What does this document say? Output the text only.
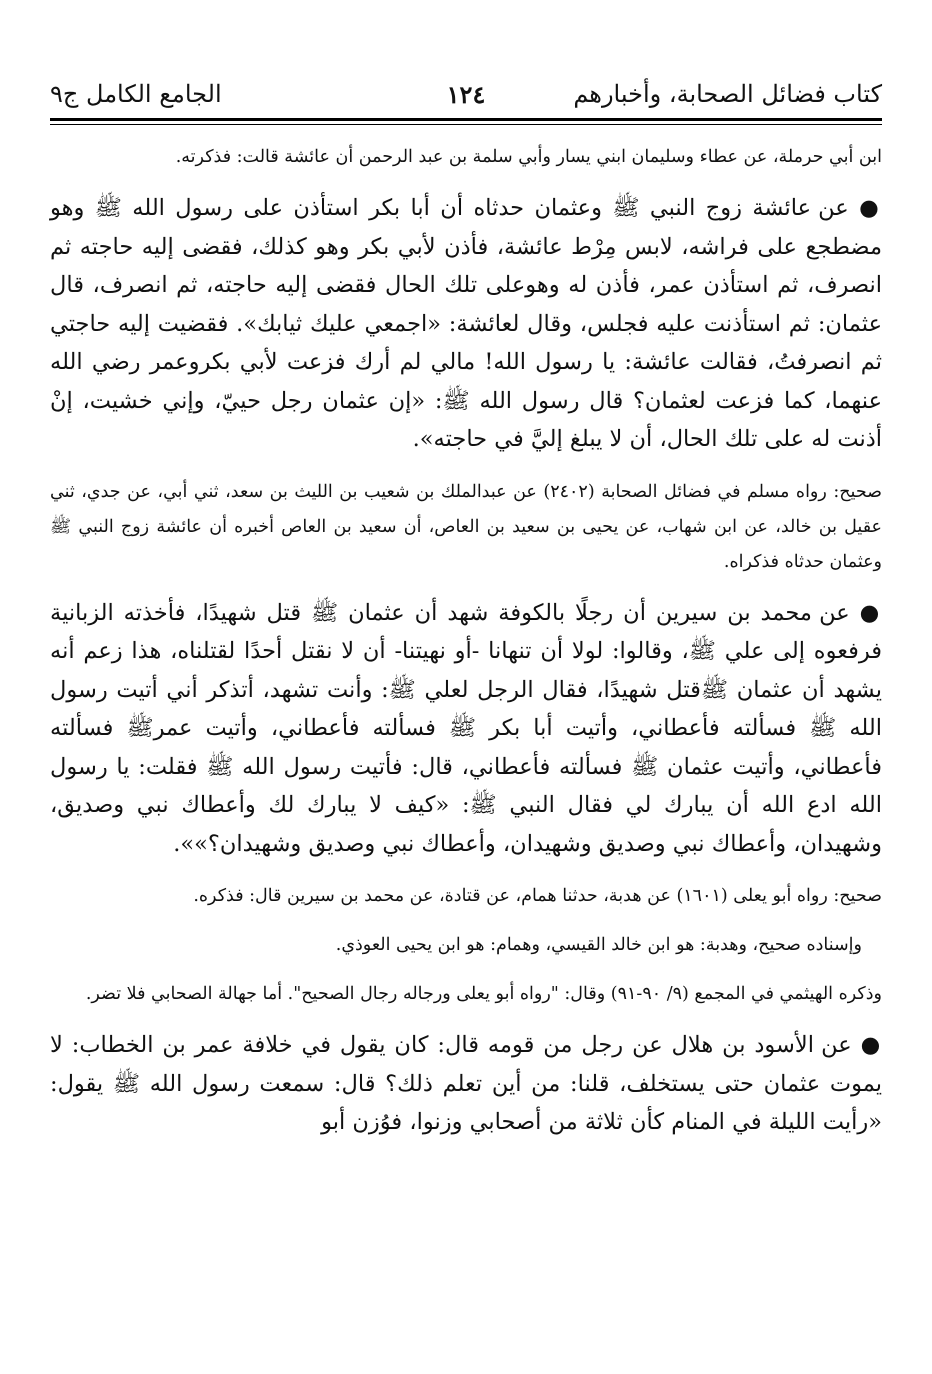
كتاب فضائل الصحابة، وأخبارهم
١٢٤
الجامع الكامل ج٩

ابن أبي حرملة، عن عطاء وسليمان ابني يسار وأبي سلمة بن عبد الرحمن أن عائشة قالت: فذكرته.

● عن عائشة زوج النبي ﷺ وعثمان حدثاه أن أبا بكر استأذن على رسول الله ﷺ وهو مضطجع على فراشه، لابس مِرْط عائشة، فأذن لأبي بكر وهو كذلك، فقضى إليه حاجته ثم انصرف، ثم استأذن عمر، فأذن له وهوعلى تلك الحال فقضى إليه حاجته، ثم انصرف، قال عثمان: ثم استأذنت عليه فجلس، وقال لعائشة: «اجمعي عليك ثيابك». فقضيت إليه حاجتي ثم انصرفتُ، فقالت عائشة: يا رسول الله! مالي لم أرك فزعت لأبي بكروعمر رضي الله عنهما، كما فزعت لعثمان؟ قال رسول الله ﷺ: «إن عثمان رجل حييّ، وإني خشيت، إنْ أذنت له على تلك الحال، أن لا يبلغ إليَّ في حاجته».

صحيح: رواه مسلم في فضائل الصحابة (٢٤٠٢) عن عبدالملك بن شعيب بن الليث بن سعد، ثني أبي، عن جدي، ثني عقيل بن خالد، عن ابن شهاب، عن يحيى بن سعيد بن العاص، أن سعيد بن العاص أخبره أن عائشة زوج النبي ﷺ وعثمان حدثاه فذكراه.

● عن محمد بن سيرين أن رجلًا بالكوفة شهد أن عثمان ﷺ قتل شهيدًا، فأخذته الزبانية فرفعوه إلى علي ﷺ، وقالوا: لولا أن تنهانا -أو نهيتنا- أن لا نقتل أحدًا لقتلناه، هذا زعم أنه يشهد أن عثمان ﷺقتل شهيدًا، فقال الرجل لعلي ﷺ: وأنت تشهد، أتذكر أني أتيت رسول الله ﷺ فسألته فأعطاني، وأتيت أبا بكر ﷺ فسألته فأعطاني، وأتيت عمرﷺ فسألته فأعطاني، وأتيت عثمان ﷺ فسألته فأعطاني، قال: فأتيت رسول الله ﷺ فقلت: يا رسول الله ادع الله أن يبارك لي فقال النبي ﷺ: «كيف لا يبارك لك وأعطاك نبي وصديق، وشهيدان، وأعطاك نبي وصديق وشهيدان، وأعطاك نبي وصديق وشهيدان؟»».

صحيح: رواه أبو يعلى (١٦٠١) عن هدبة، حدثنا همام، عن قتادة، عن محمد بن سيرين قال: فذكره.

وإسناده صحيح، وهدبة: هو ابن خالد القيسي، وهمام: هو ابن يحيى العوذي.

وذكره الهيثمي في المجمع (٩/ ٩٠-٩١) وقال: "رواه أبو يعلى ورجاله رجال الصحيح". أما جهالة الصحابي فلا تضر.

● عن الأسود بن هلال عن رجل من قومه قال: كان يقول في خلافة عمر بن الخطاب: لا يموت عثمان حتى يستخلف، قلنا: من أين تعلم ذلك؟ قال: سمعت رسول الله ﷺ يقول: «رأيت الليلة في المنام كأن ثلاثة من أصحابي وزنوا، فوُزن أبو
